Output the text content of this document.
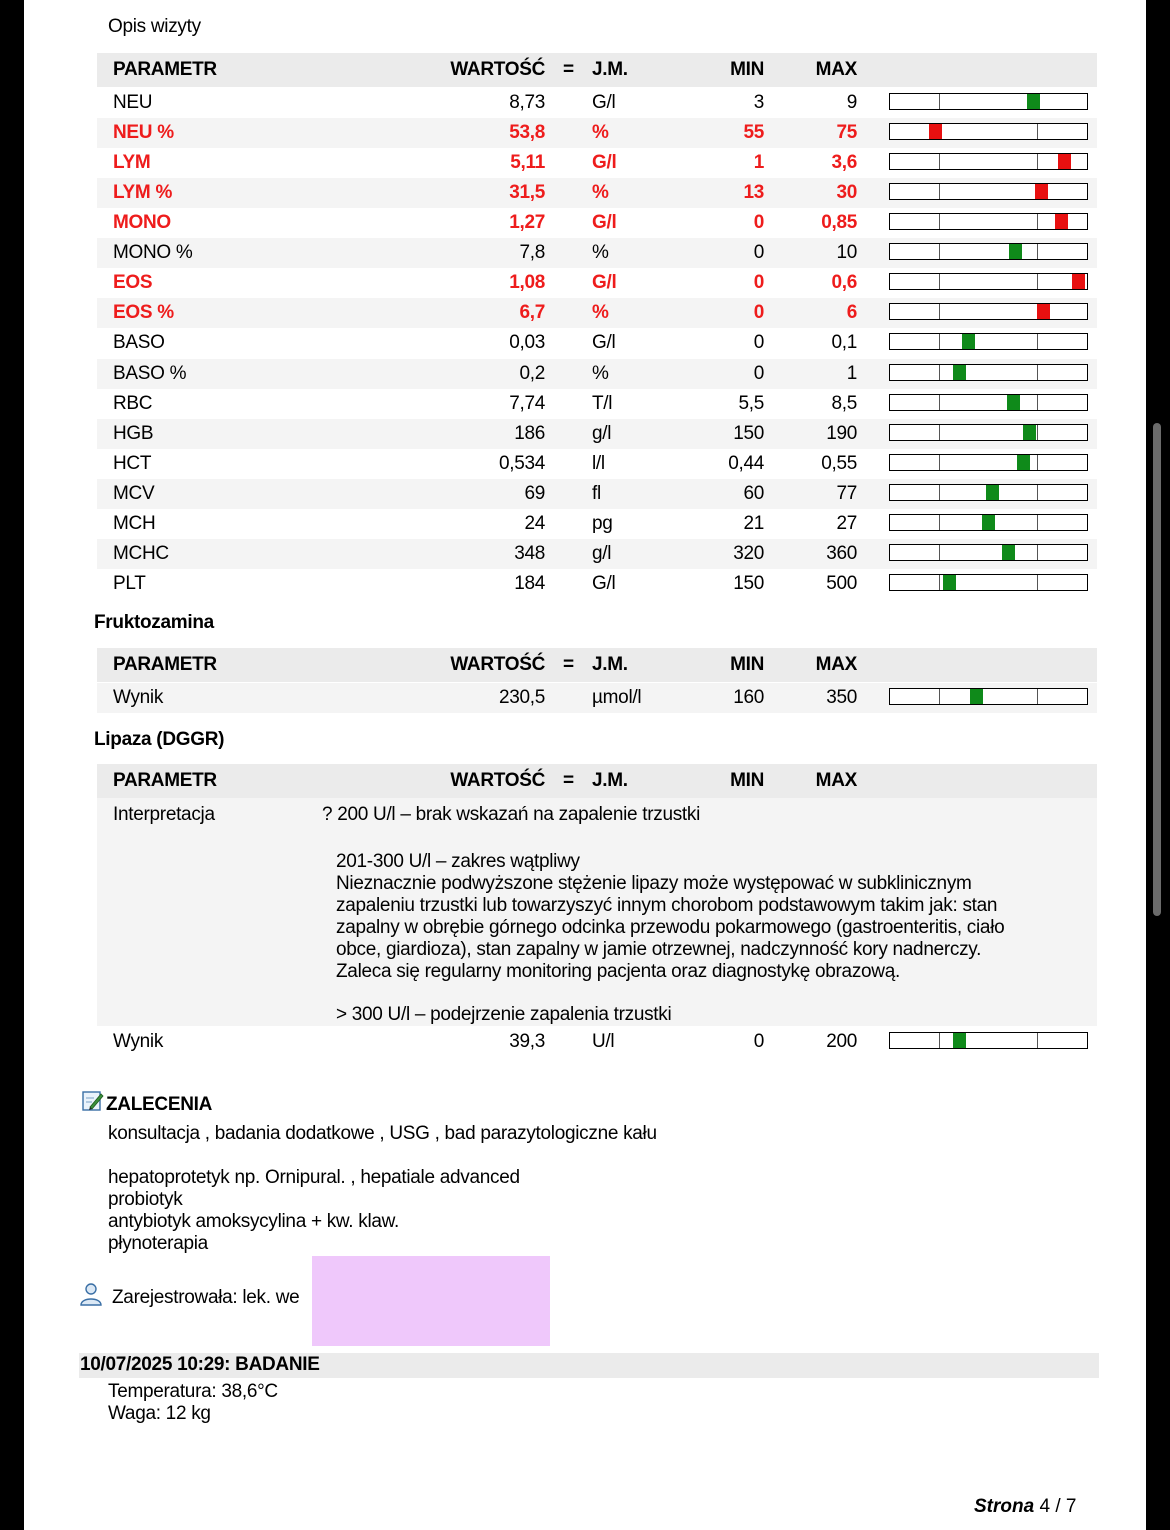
Opis wizyty
PARAMETR	WARTOŚĆ = J.M.	MIN	MAX
NEU	8,73 G/l	3	9
NEU %	53,8 %	55	75
LYM	5,11 G/l	1	3,6
LYM %	31,5 %	13	30
MONO	1,27 G/l	0	0,85
MONO %	7,8 %	0	10
EOS	1,08 G/l	0	0,6
EOS %	6,7 %	0	6
BASO	0,03 G/l	0	0,1
BASO %	0,2 %	0	1
RBC	7,74 T/l	5,5	8,5
HGB	186 g/l	150	190
HCT	0,534 l/l	0,44	0,55
MCV	69 fl	60	77
MCH	24 pg	21	27
MCHC	348 g/l	320	360
PLT	184 G/l	150	500
Fruktozamina
PARAMETR	WARTOŚĆ = J.M.	MIN	MAX
Wynik	230,5 µmol/l	160	350
Lipaza (DGGR)
PARAMETR	WARTOŚĆ = J.M.	MIN	MAX
Interpretacja	? 200 U/l – brak wskazań na zapalenie trzustki
201-300 U/l – zakres wątpliwy
Nieznacznie podwyższone stężenie lipazy może występować w subklinicznym
zapaleniu trzustki lub towarzyszyć innym chorobom podstawowym takim jak: stan
zapalny w obrębie górnego odcinka przewodu pokarmowego (gastroenteritis, ciało
obce, giardioza), stan zapalny w jamie otrzewnej, nadczynność kory nadnerczy.
Zaleca się regularny monitoring pacjenta oraz diagnostykę obrazową.
> 300 U/l – podejrzenie zapalenia trzustki
Wynik	39,3 U/l	0	200
ZALECENIA
konsultacja , badania dodatkowe , USG , bad parazytologiczne kału
hepatoprotetyk np. Ornipural. , hepatiale advanced
probiotyk
antybiotyk amoksycylina + kw. klaw.
płynoterapia
Zarejestrowała: lek. we
10/07/2025 10:29: BADANIE
Temperatura: 38,6°C
Waga: 12 kg
Strona 4 / 7
